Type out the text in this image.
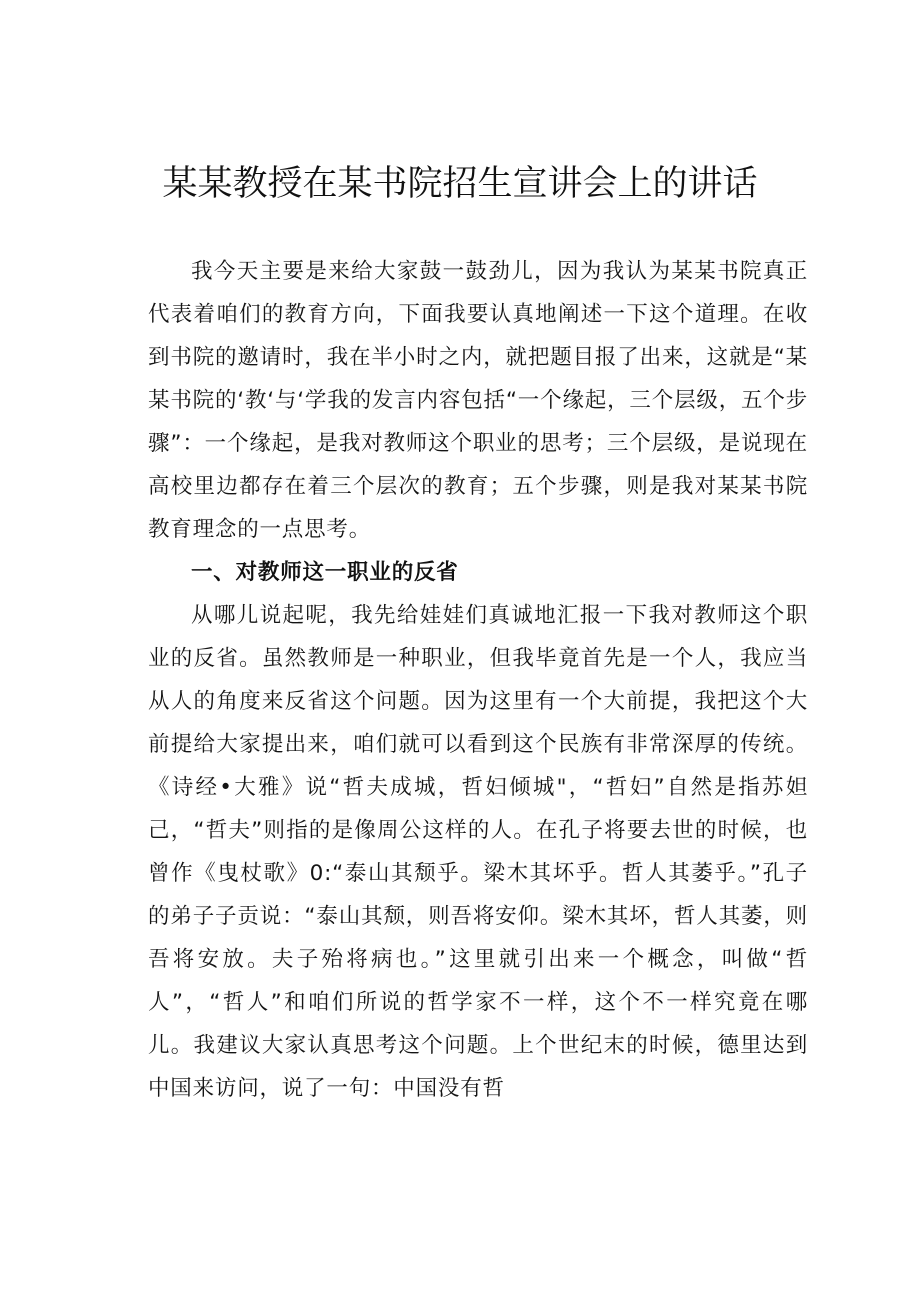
某某教授在某书院招生宣讲会上的讲话

我今天主要是来给大家鼓一鼓劲儿，因为我认为某某书院真正代表着咱们的教育方向，下面我要认真地阐述一下这个道理。在收到书院的邀请时，我在半小时之内，就把题目报了出来，这就是“某某书院的‘教‘与‘学我的发言内容包括“一个缘起，三个层级，五个步骤”：一个缘起，是我对教师这个职业的思考；三个层级，是说现在高校里边都存在着三个层次的教育；五个步骤，则是我对某某书院教育理念的一点思考。

一、对教师这一职业的反省

从哪儿说起呢，我先给娃娃们真诚地汇报一下我对教师这个职业的反省。虽然教师是一种职业，但我毕竟首先是一个人，我应当从人的角度来反省这个问题。因为这里有一个大前提，我把这个大前提给大家提出来，咱们就可以看到这个民族有非常深厚的传统。《诗经•大雅》说“哲夫成城，哲妇倾城"，“哲妇”自然是指苏妲己，“哲夫”则指的是像周公这样的人。在孔子将要去世的时候，也曾作《曳杖歌》0:“泰山其颓乎。梁木其坏乎。哲人其萎乎。”孔子的弟子子贡说：“泰山其颓，则吾将安仰。梁木其坏，哲人其萎，则吾将安放。夫子殆将病也。”这里就引出来一个概念，叫做“哲人”，“哲人”和咱们所说的哲学家不一样，这个不一样究竟在哪儿。我建议大家认真思考这个问题。上个世纪末的时候，德里达到中国来访问，说了一句：中国没有哲
